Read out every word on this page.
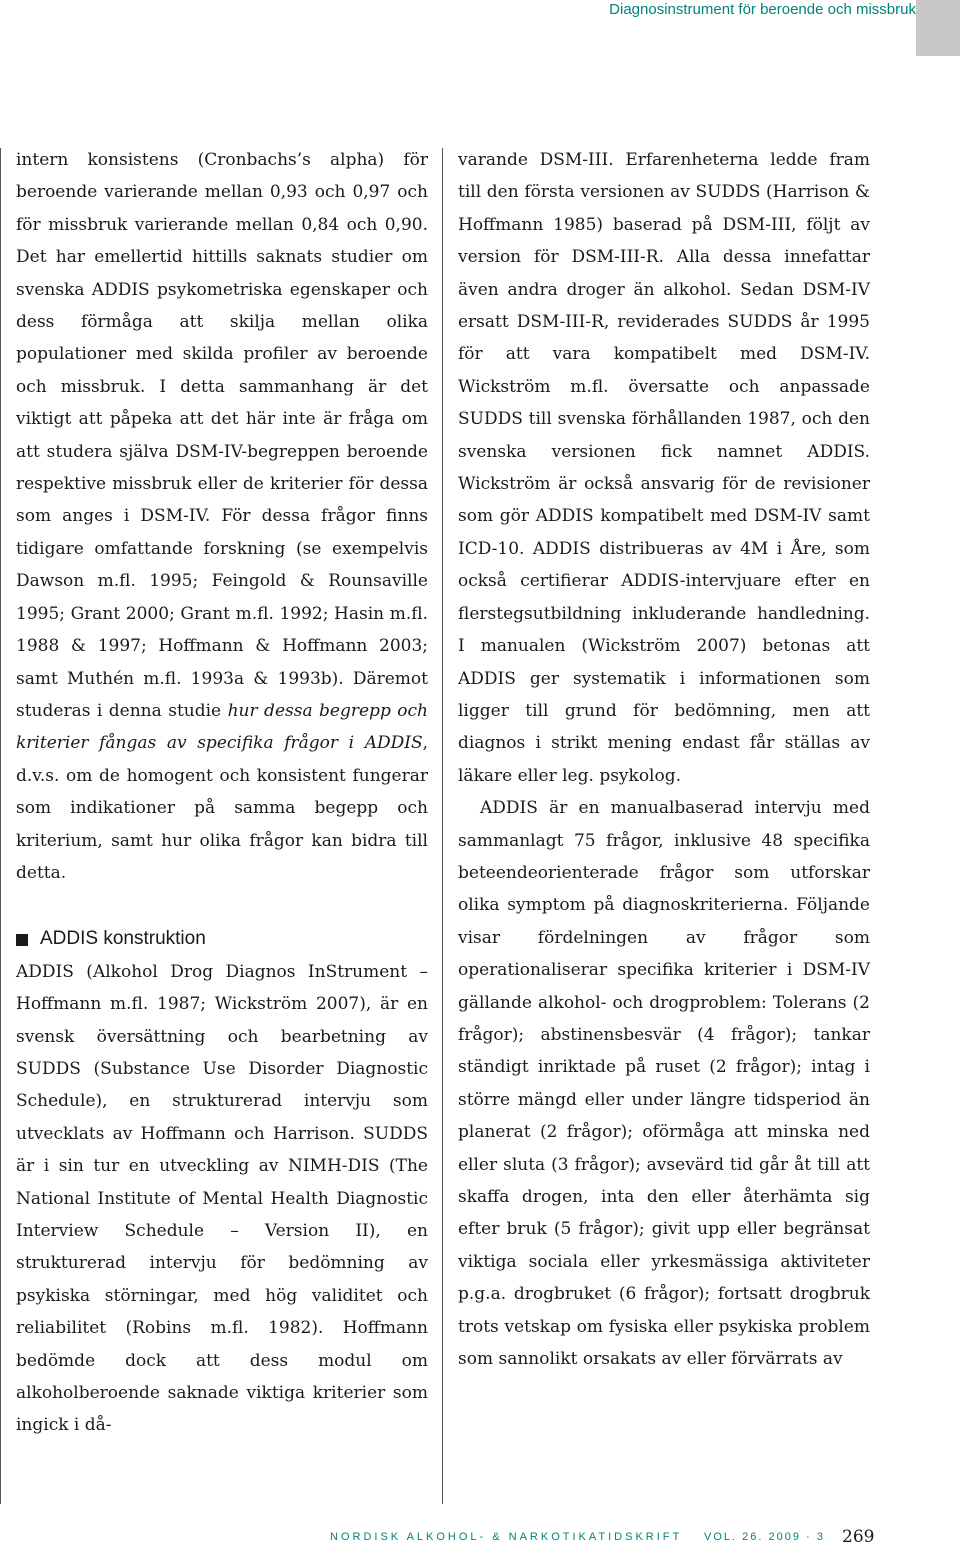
Diagnosinstrument för beroende och missbruk

intern konsistens (Cronbachs’s alpha) för beroende varierande mellan 0,93 och 0,97 och för missbruk varierande mellan 0,84 och 0,90. Det har emellertid hittills saknats studier om svenska ADDIS psykometriska egenskaper och dess förmåga att skilja mellan olika populationer med skilda profiler av beroende och missbruk. I detta sammanhang är det viktigt att påpeka att det här inte är fråga om att studera själva DSM-IV-begreppen beroende respektive missbruk eller de kriterier för dessa som anges i DSM-IV. För dessa frågor finns tidigare omfattande forskning (se exempelvis Dawson m.fl. 1995; Feingold & Rounsaville 1995; Grant 2000; Grant m.fl. 1992; Hasin m.fl. 1988 & 1997; Hoffmann & Hoffmann 2003; samt Muthén m.fl. 1993a & 1993b). Däremot studeras i denna studie hur dessa begrepp och kriterier fångas av specifika frågor i ADDIS, d.v.s. om de homogent och konsistent fungerar som indikationer på samma begepp och kriterium, samt hur olika frågor kan bidra till detta.

ADDIS konstruktion

ADDIS (Alkohol Drog Diagnos InStrument – Hoffmann m.fl. 1987; Wickström 2007), är en svensk översättning och bearbetning av SUDDS (Substance Use Disorder Diagnostic Schedule), en strukturerad intervju som utvecklats av Hoffmann och Harrison. SUDDS är i sin tur en utveckling av NIMH-DIS (The National Institute of Mental Health Diagnostic Interview Schedule – Version II), en strukturerad intervju för bedömning av psykiska störningar, med hög validitet och reliabilitet (Robins m.fl. 1982). Hoffmann bedömde dock att dess modul om alkoholberoende saknade viktiga kriterier som ingick i då-

varande DSM-III. Erfarenheterna ledde fram till den första versionen av SUDDS (Harrison & Hoffmann 1985) baserad på DSM-III, följt av version för DSM-III-R. Alla dessa innefattar även andra droger än alkohol. Sedan DSM-IV ersatt DSM-III-R, reviderades SUDDS år 1995 för att vara kompatibelt med DSM-IV. Wickström m.fl. översatte och anpassade SUDDS till svenska förhållanden 1987, och den svenska versionen fick namnet ADDIS. Wickström är också ansvarig för de revisioner som gör ADDIS kompatibelt med DSM-IV samt ICD-10. ADDIS distribueras av 4M i Åre, som också certifierar ADDIS-intervjuare efter en flerstegsutbildning inkluderande handledning. I manualen (Wickström 2007) betonas att ADDIS ger systematik i informationen som ligger till grund för bedömning, men att diagnos i strikt mening endast får ställas av läkare eller leg. psykolog.

ADDIS är en manualbaserad intervju med sammanlagt 75 frågor, inklusive 48 specifika beteendeorienterade frågor som utforskar olika symptom på diagnoskriterierna. Följande visar fördelningen av frågor som operationaliserar specifika kriterier i DSM-IV gällande alkohol- och drogproblem: Tolerans (2 frågor); abstinensbesvär (4 frågor); tankar ständigt inriktade på ruset (2 frågor); intag i större mängd eller under längre tidsperiod än planerat (2 frågor); oförmåga att minska ned eller sluta (3 frågor); avsevärd tid går åt till att skaffa drogen, inta den eller återhämta sig efter bruk (5 frågor); givit upp eller begränsat viktiga sociala eller yrkesmässiga aktiviteter p.g.a. drogbruket (6 frågor); fortsatt drogbruk trots vetskap om fysiska eller psykiska problem som sannolikt orsakats av eller förvärrats av

NORDISK ALKOHOL- & NARKOTIKATIDSKRIFT VOL. 26. 2009 · 3 269
